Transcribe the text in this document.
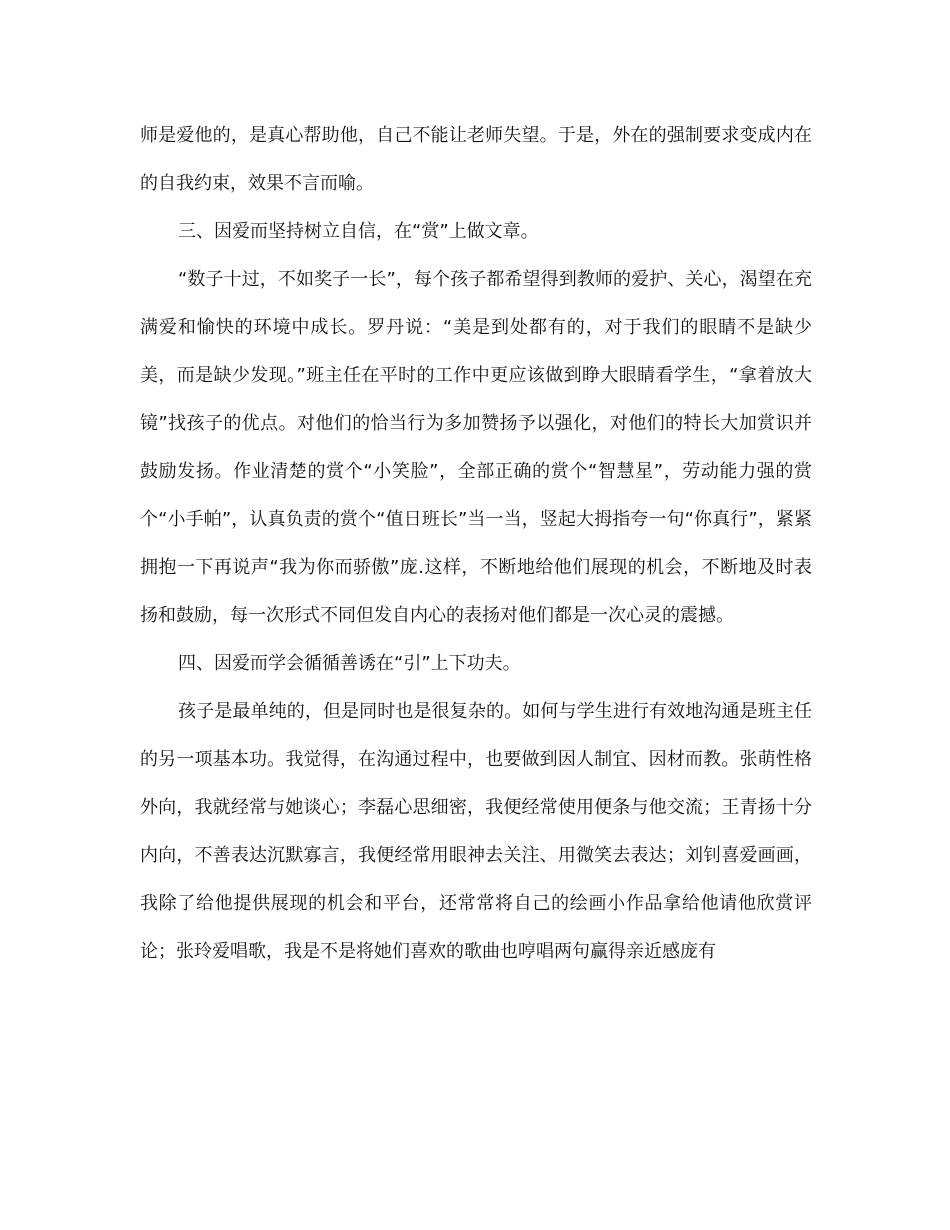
师是爱他的，是真心帮助他，自己不能让老师失望。于是，外在的强制要求变成内在的自我约束，效果不言而喻。

三、因爱而坚持树立自信，在“赏”上做文章。

“数子十过，不如奖子一长”，每个孩子都希望得到教师的爱护、关心，渴望在充满爱和愉快的环境中成长。罗丹说：“美是到处都有的，对于我们的眼睛不是缺少美，而是缺少发现。”班主任在平时的工作中更应该做到睁大眼睛看学生，“拿着放大镜”找孩子的优点。对他们的恰当行为多加赞扬予以强化，对他们的特长大加赏识并鼓励发扬。作业清楚的赏个“小笑脸”，全部正确的赏个“智慧星”，劳动能力强的赏个“小手帕”，认真负责的赏个“值日班长”当一当，竖起大拇指夸一句“你真行”，紧紧拥抱一下再说声“我为你而骄傲”庞.这样，不断地给他们展现的机会，不断地及时表扬和鼓励，每一次形式不同但发自内心的表扬对他们都是一次心灵的震撼。

四、因爱而学会循循善诱在“引”上下功夫。

孩子是最单纯的，但是同时也是很复杂的。如何与学生进行有效地沟通是班主任的另一项基本功。我觉得，在沟通过程中，也要做到因人制宜、因材而教。张萌性格外向，我就经常与她谈心；李磊心思细密，我便经常使用便条与他交流；王青扬十分内向，不善表达沉默寡言，我便经常用眼神去关注、用微笑去表达；刘钊喜爱画画，我除了给他提供展现的机会和平台，还常常将自己的绘画小作品拿给他请他欣赏评论；张玲爱唱歌，我是不是将她们喜欢的歌曲也哼唱两句赢得亲近感庞有
